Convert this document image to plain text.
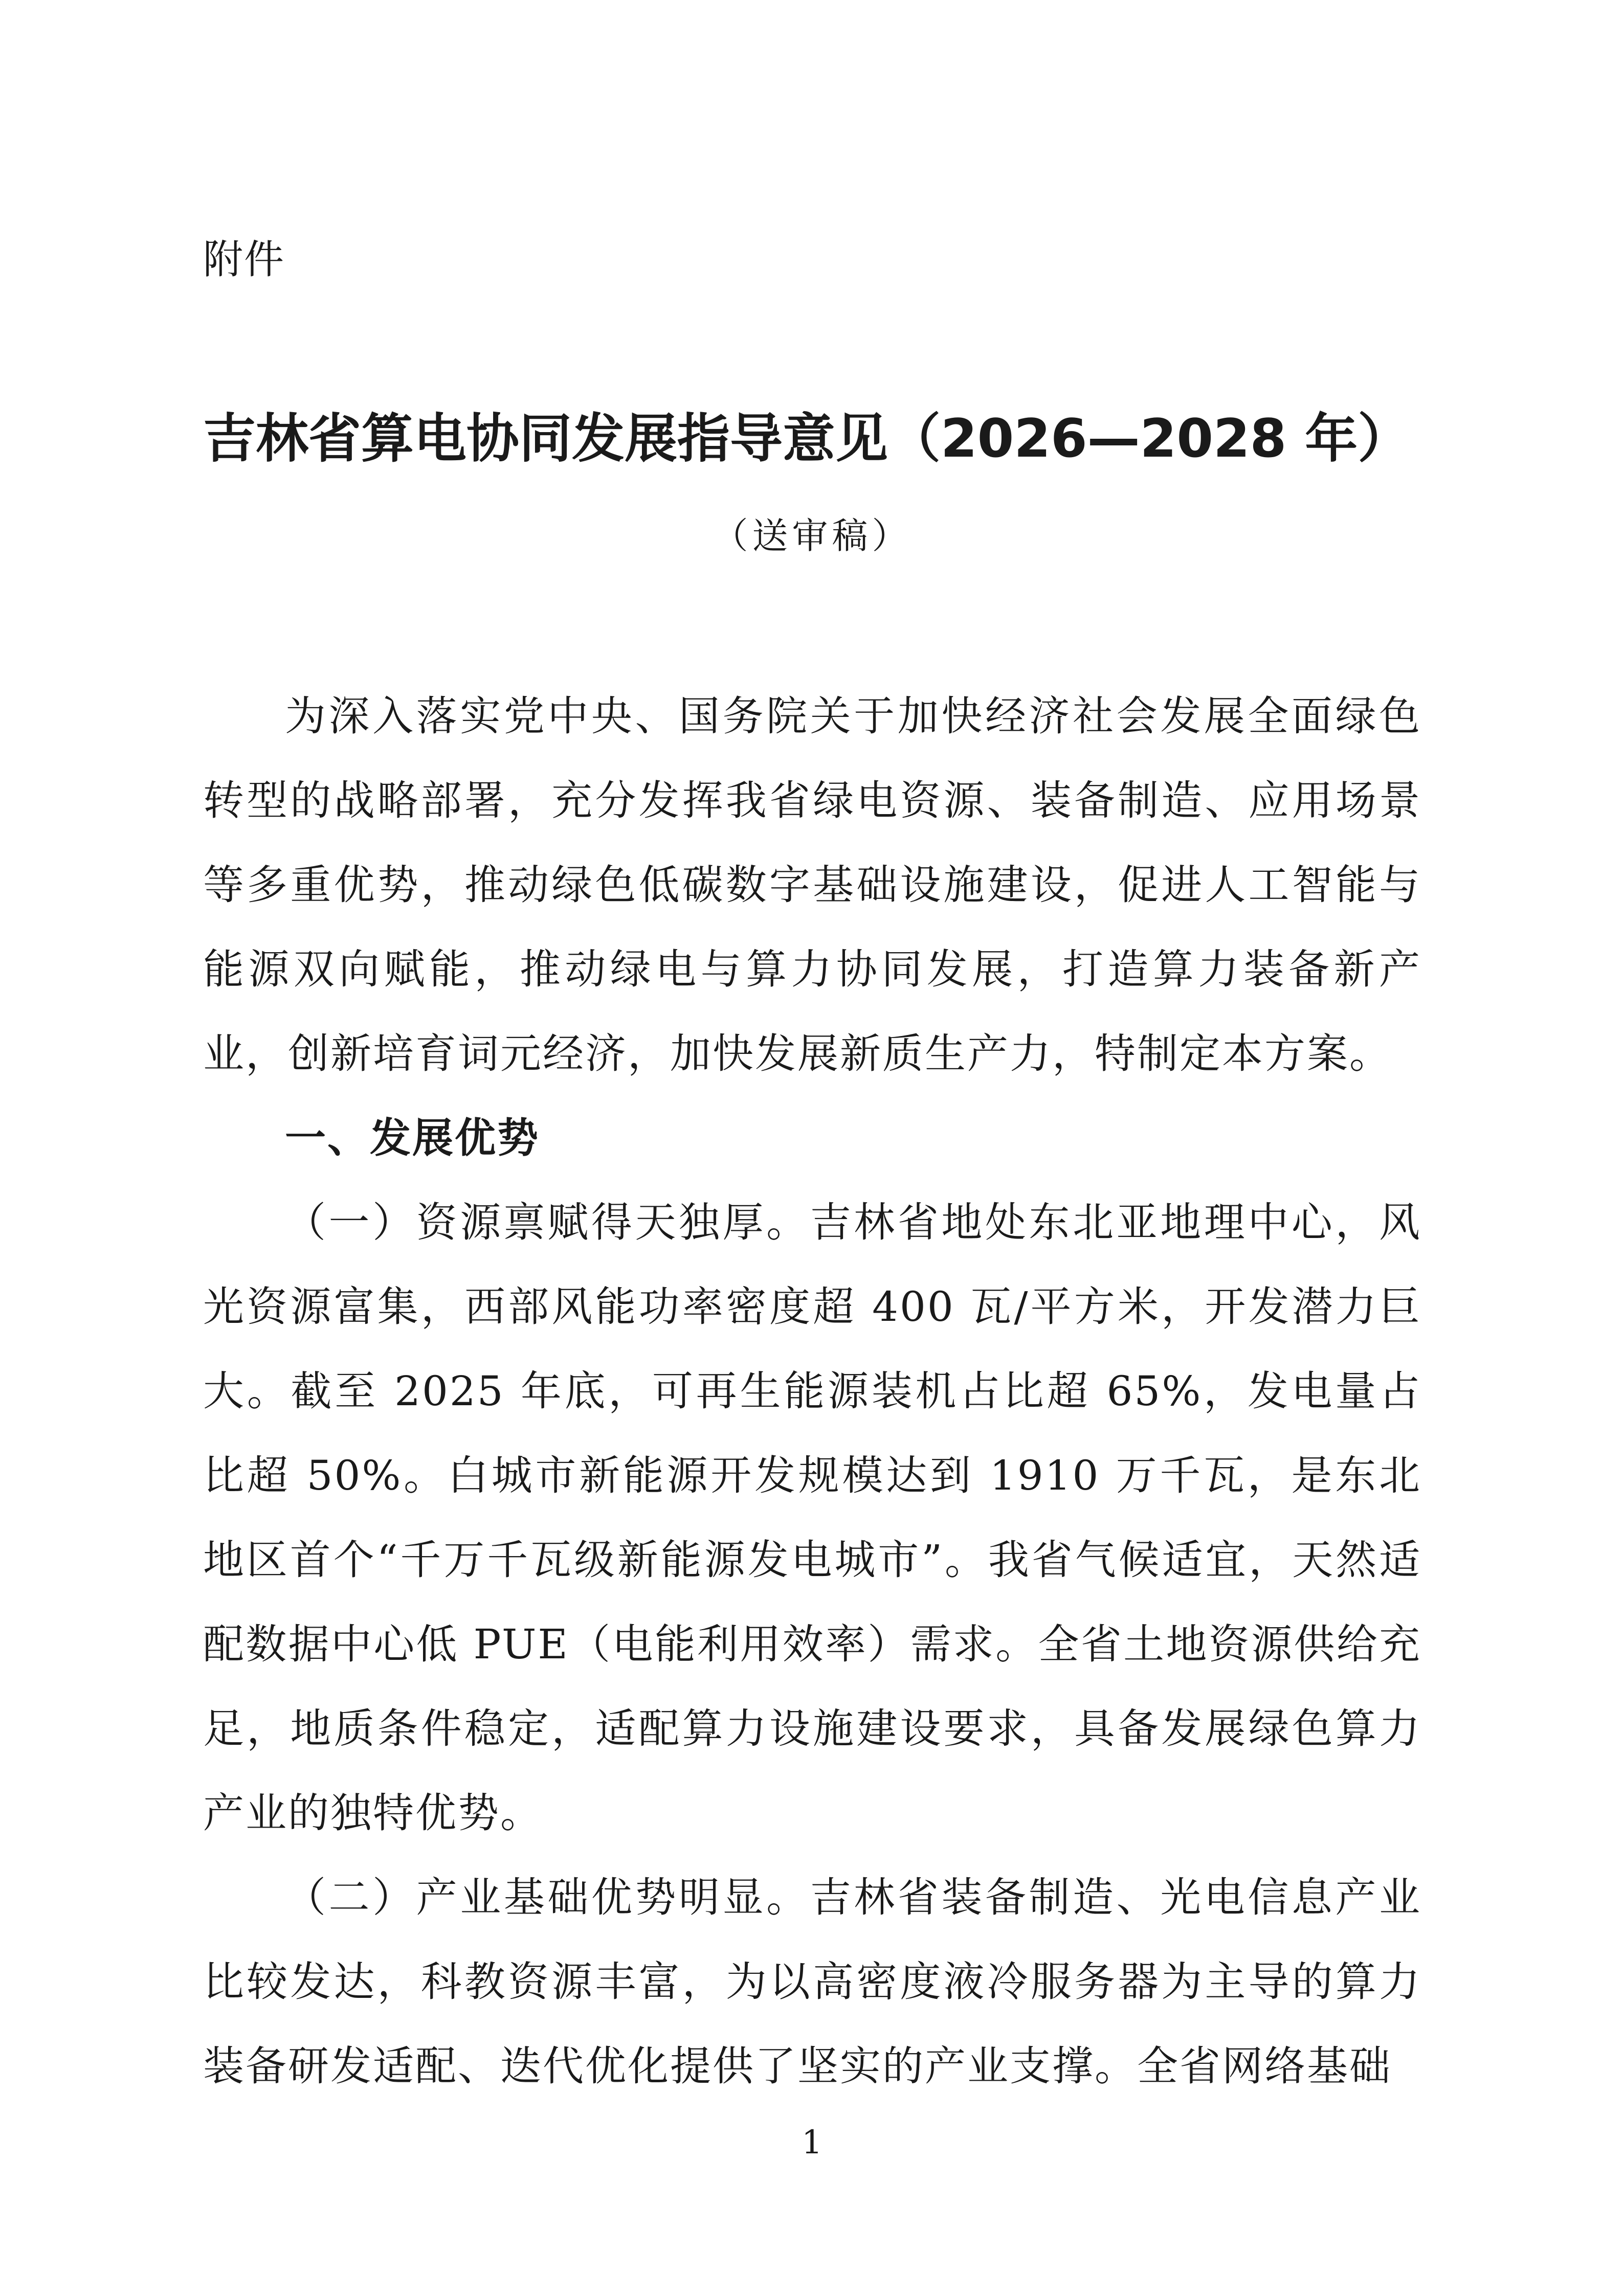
附件
吉林省算电协同发展指导意见（2026—2028 年）
（送审稿）

为深入落实党中央、国务院关于加快经济社会发展全面绿色转型的战略部署，充分发挥我省绿电资源、装备制造、应用场景等多重优势，推动绿色低碳数字基础设施建设，促进人工智能与能源双向赋能，推动绿电与算力协同发展，打造算力装备新产业，创新培育词元经济，加快发展新质生产力，特制定本方案。

一、发展优势

（一）资源禀赋得天独厚。吉林省地处东北亚地理中心，风光资源富集，西部风能功率密度超 400 瓦/平方米，开发潜力巨大。截至 2025 年底，可再生能源装机占比超 65%，发电量占比超 50%。白城市新能源开发规模达到 1910 万千瓦，是东北地区首个“千万千瓦级新能源发电城市”。我省气候适宜，天然适配数据中心低 PUE（电能利用效率）需求。全省土地资源供给充足，地质条件稳定，适配算力设施建设要求，具备发展绿色算力产业的独特优势。

（二）产业基础优势明显。吉林省装备制造、光电信息产业比较发达，科教资源丰富，为以高密度液冷服务器为主导的算力装备研发适配、迭代优化提供了坚实的产业支撑。全省网络基础

1
